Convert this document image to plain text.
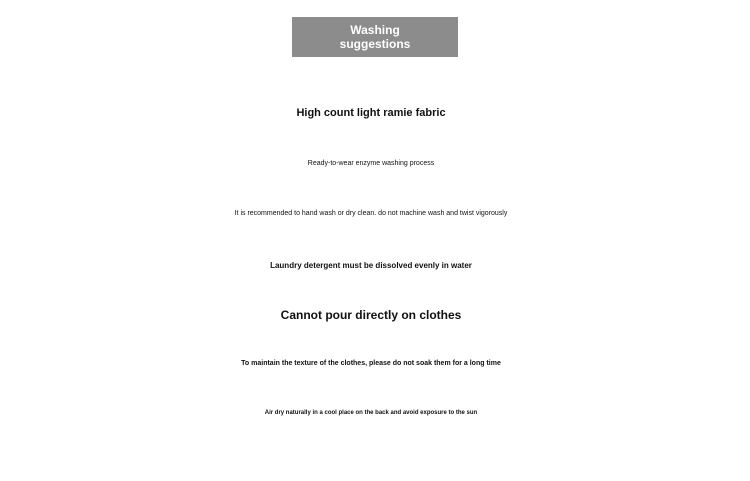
Washing
suggestions
High count light ramie fabric
Ready-to-wear enzyme washing process
It is recommended to hand wash or dry clean. do not machine wash and twist vigorously
Laundry detergent must be dissolved evenly in water
Cannot pour directly on clothes
To maintain the texture of the clothes, please do not soak them for a long time
Air dry naturally in a cool place on the back and avoid exposure to the sun
